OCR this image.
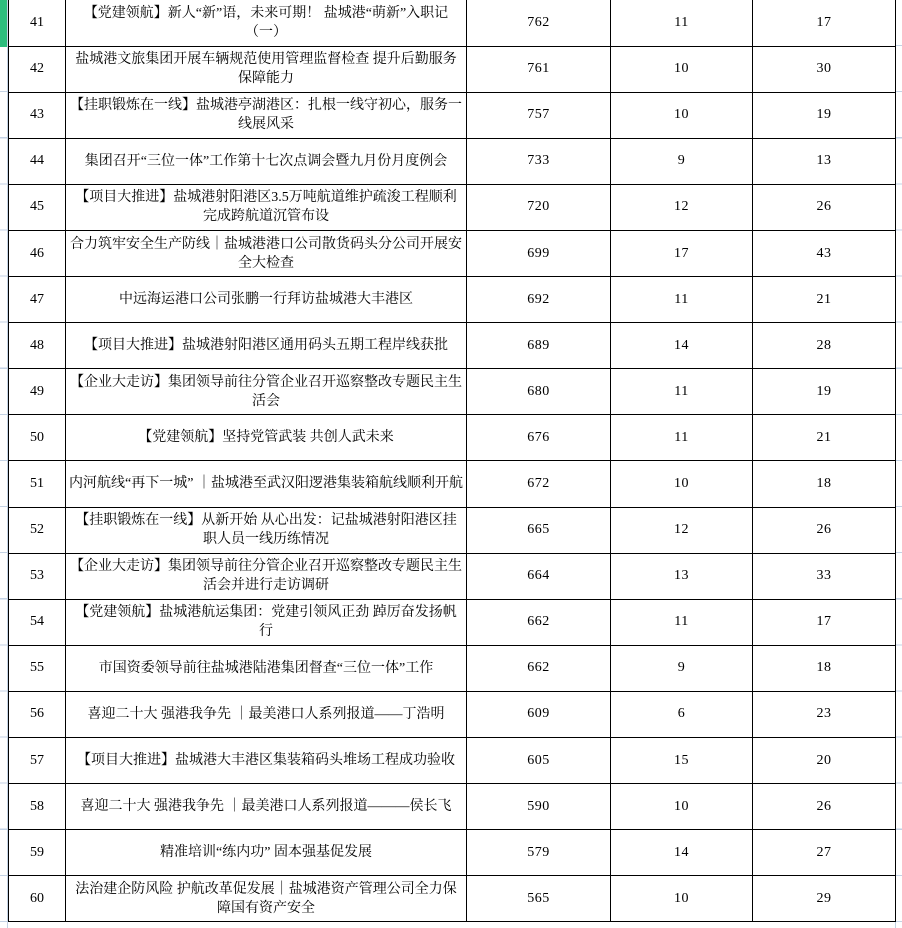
41	【党建领航】新人“新”语，未来可期！ 盐城港“萌新”入职记（一）	762	11	17
42	盐城港文旅集团开展车辆规范使用管理监督检查 提升后勤服务保障能力	761	10	30
43	【挂职锻炼在一线】盐城港亭湖港区：扎根一线守初心，服务一线展风采	757	10	19
44	集团召开“三位一体”工作第十七次点调会暨九月份月度例会	733	9	13
45	【项目大推进】盐城港射阳港区3.5万吨航道维护疏浚工程顺利完成跨航道沉管布设	720	12	26
46	合力筑牢安全生产防线｜盐城港港口公司散货码头分公司开展安全大检查	699	17	43
47	中远海运港口公司张鹏一行拜访盐城港大丰港区	692	11	21
48	【项目大推进】盐城港射阳港区通用码头五期工程岸线获批	689	14	28
49	【企业大走访】集团领导前往分管企业召开巡察整改专题民主生活会	680	11	19
50	【党建领航】坚持党管武装 共创人武未来	676	11	21
51	内河航线“再下一城” ｜盐城港至武汉阳逻港集装箱航线顺利开航	672	10	18
52	【挂职锻炼在一线】从新开始 从心出发：记盐城港射阳港区挂职人员一线历练情况	665	12	26
53	【企业大走访】集团领导前往分管企业召开巡察整改专题民主生活会并进行走访调研	664	13	33
54	【党建领航】盐城港航运集团：党建引领风正劲 踔厉奋发扬帆行	662	11	17
55	市国资委领导前往盐城港陆港集团督查“三位一体”工作	662	9	18
56	喜迎二十大 强港我争先 ｜最美港口人系列报道——丁浩明	609	6	23
57	【项目大推进】盐城港大丰港区集装箱码头堆场工程成功验收	605	15	20
58	喜迎二十大 强港我争先 ｜最美港口人系列报道———侯长飞	590	10	26
59	精准培训“练内功” 固本强基促发展	579	14	27
60	法治建企防风险 护航改革促发展｜盐城港资产管理公司全力保障国有资产安全	565	10	29
